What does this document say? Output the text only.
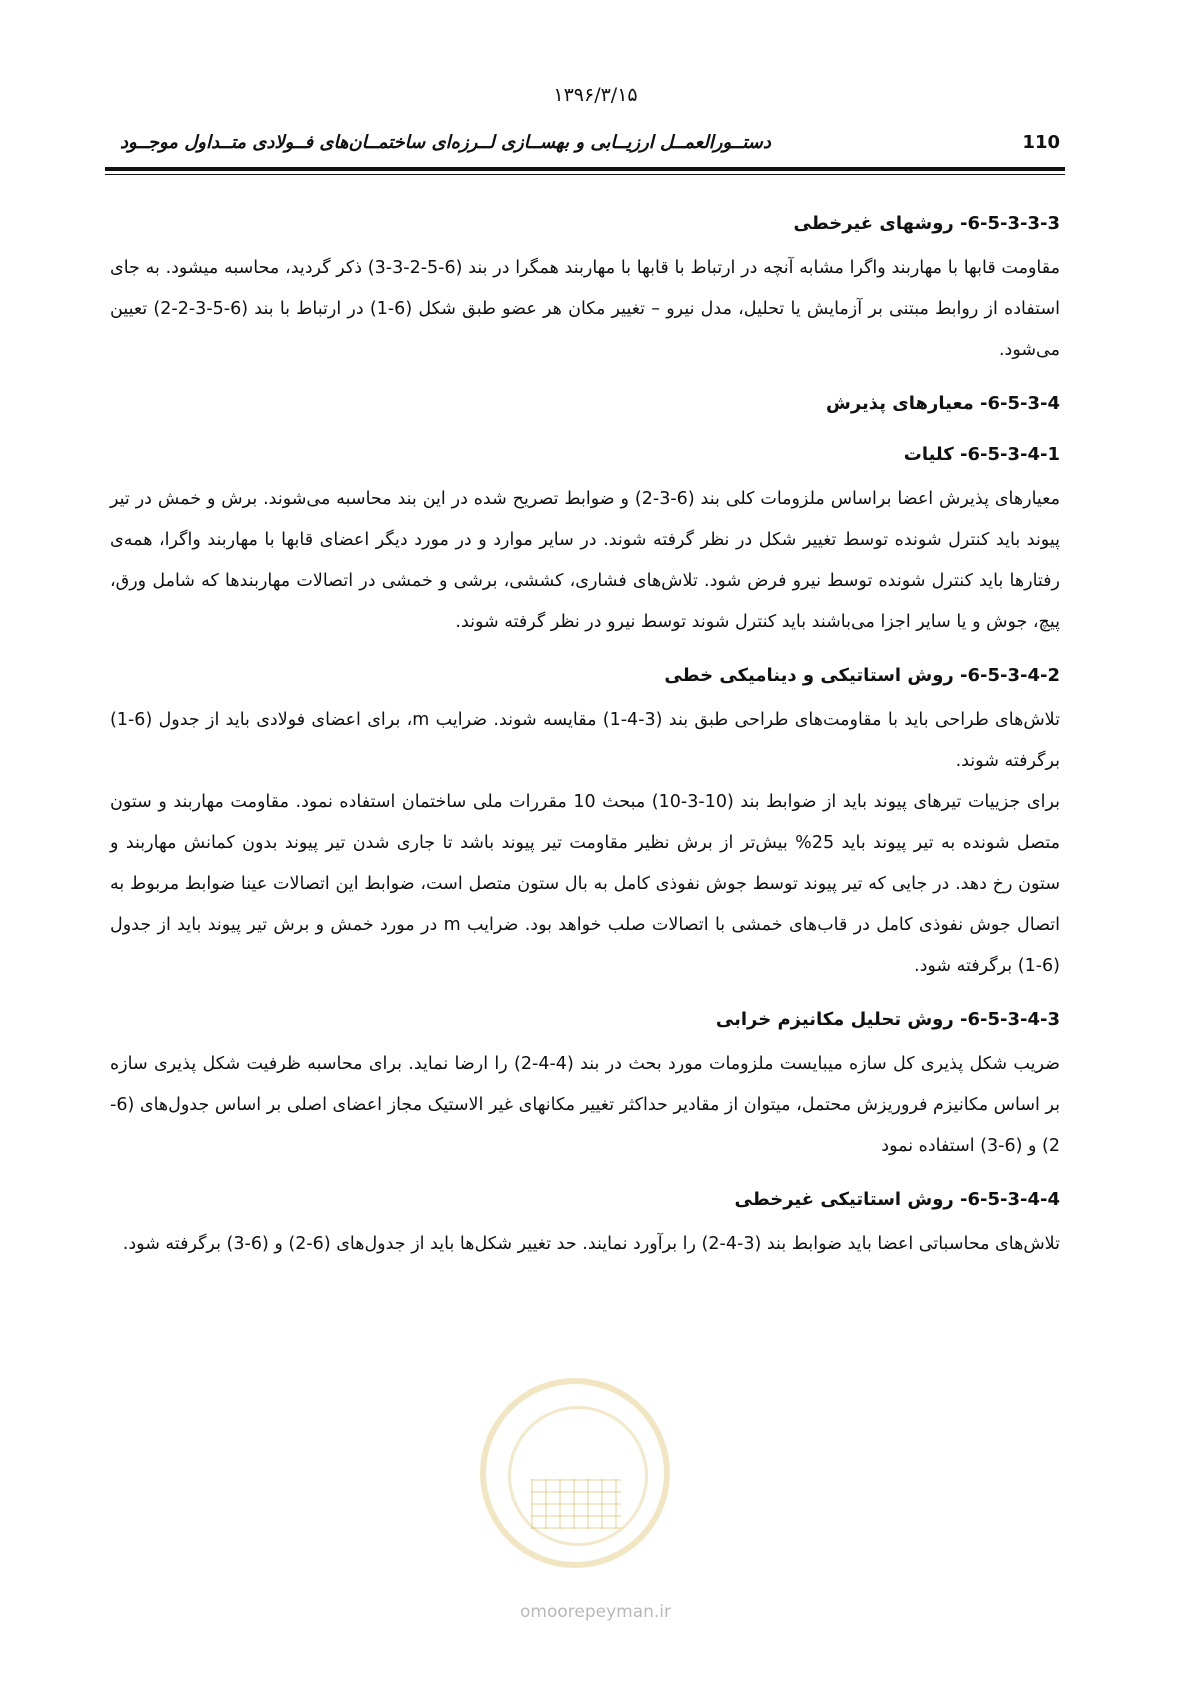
۱۳۹۶/۳/۱۵
دستــورالعمــل ارزیــابی و بهســازی لــرزه‌ای ساختمــان‌های فــولادی متــداول موجــود	110
6-5-3-3-3- روشهای غیرخطی

مقاومت قابها با مهاربند واگرا مشابه آنچه در ارتباط با قابها با مهاربند همگرا در بند (6-5-2-3-3) ذکر گردید، محاسبه میشود. به جای استفاده از روابط مبتنی بر آزمایش یا تحلیل، مدل نیرو – تغییر مکان هر عضو طبق شکل (6-1) در ارتباط با بند (6-5-3-2-2) تعیین می‌شود.

6-5-3-4- معیارهای پذیرش
6-5-3-4-1- کلیات

معیارهای پذیرش اعضا براساس ملزومات کلی بند (6-3-2) و ضوابط تصریح شده در این بند محاسبه می‌شوند. برش و خمش در تیر پیوند باید کنترل شونده توسط تغییر شکل در نظر گرفته شوند. در سایر موارد و در مورد دیگر اعضای قابها با مهاربند واگرا، همه‌ی رفتارها باید کنترل شونده توسط نیرو فرض شود. تلاش‌های فشاری، کششی، برشی و خمشی در اتصالات مهاربندها که شامل ورق، پیچ، جوش و یا سایر اجزا می‌باشند باید کنترل شوند توسط نیرو در نظر گرفته شوند.

6-5-3-4-2- روش استاتیکی و دینامیکی خطی

تلاش‌های طراحی باید با مقاومت‌های طراحی طبق بند (3-4-1) مقایسه شوند. ضرایب m، برای اعضای فولادی باید از جدول (6-1) برگرفته شوند.

برای جزییات تیرهای پیوند باید از ضوابط بند (10-3-10) مبحث 10 مقررات ملی ساختمان استفاده نمود. مقاومت مهاربند و ستون متصل شونده به تیر پیوند باید 25% بیش‌تر از برش نظیر مقاومت تیر پیوند باشد تا جاری شدن تیر پیوند بدون کمانش مهاربند و ستون رخ دهد. در جایی که تیر پیوند توسط جوش نفوذی کامل به بال ستون متصل است، ضوابط این اتصالات عینا ضوابط مربوط به اتصال جوش نفوذی کامل در قاب‌های خمشی با اتصالات صلب خواهد بود. ضرایب m در مورد خمش و برش تیر پیوند باید از جدول (6-1) برگرفته شود.

6-5-3-4-3- روش تحلیل مکانیزم خرابی

ضریب شکل پذیری کل سازه میبایست ملزومات مورد بحث در بند (4-4-2) را ارضا نماید. برای محاسبه ظرفیت شکل پذیری سازه بر اساس مکانیزم فروریزش محتمل، میتوان از مقادیر حداکثر تغییر مکانهای غیر الاستیک مجاز اعضای اصلی بر اساس جدول‌های (6-2) و (6-3) استفاده نمود

6-5-3-4-4- روش استاتیکی غیرخطی

تلاش‌های محاسباتی اعضا باید ضوابط بند (3-4-2) را برآورد نمایند. حد تغییر شکل‌ها باید از جدول‌های (6-2) و (6-3) برگرفته شود.

omoorepeyman.ir
